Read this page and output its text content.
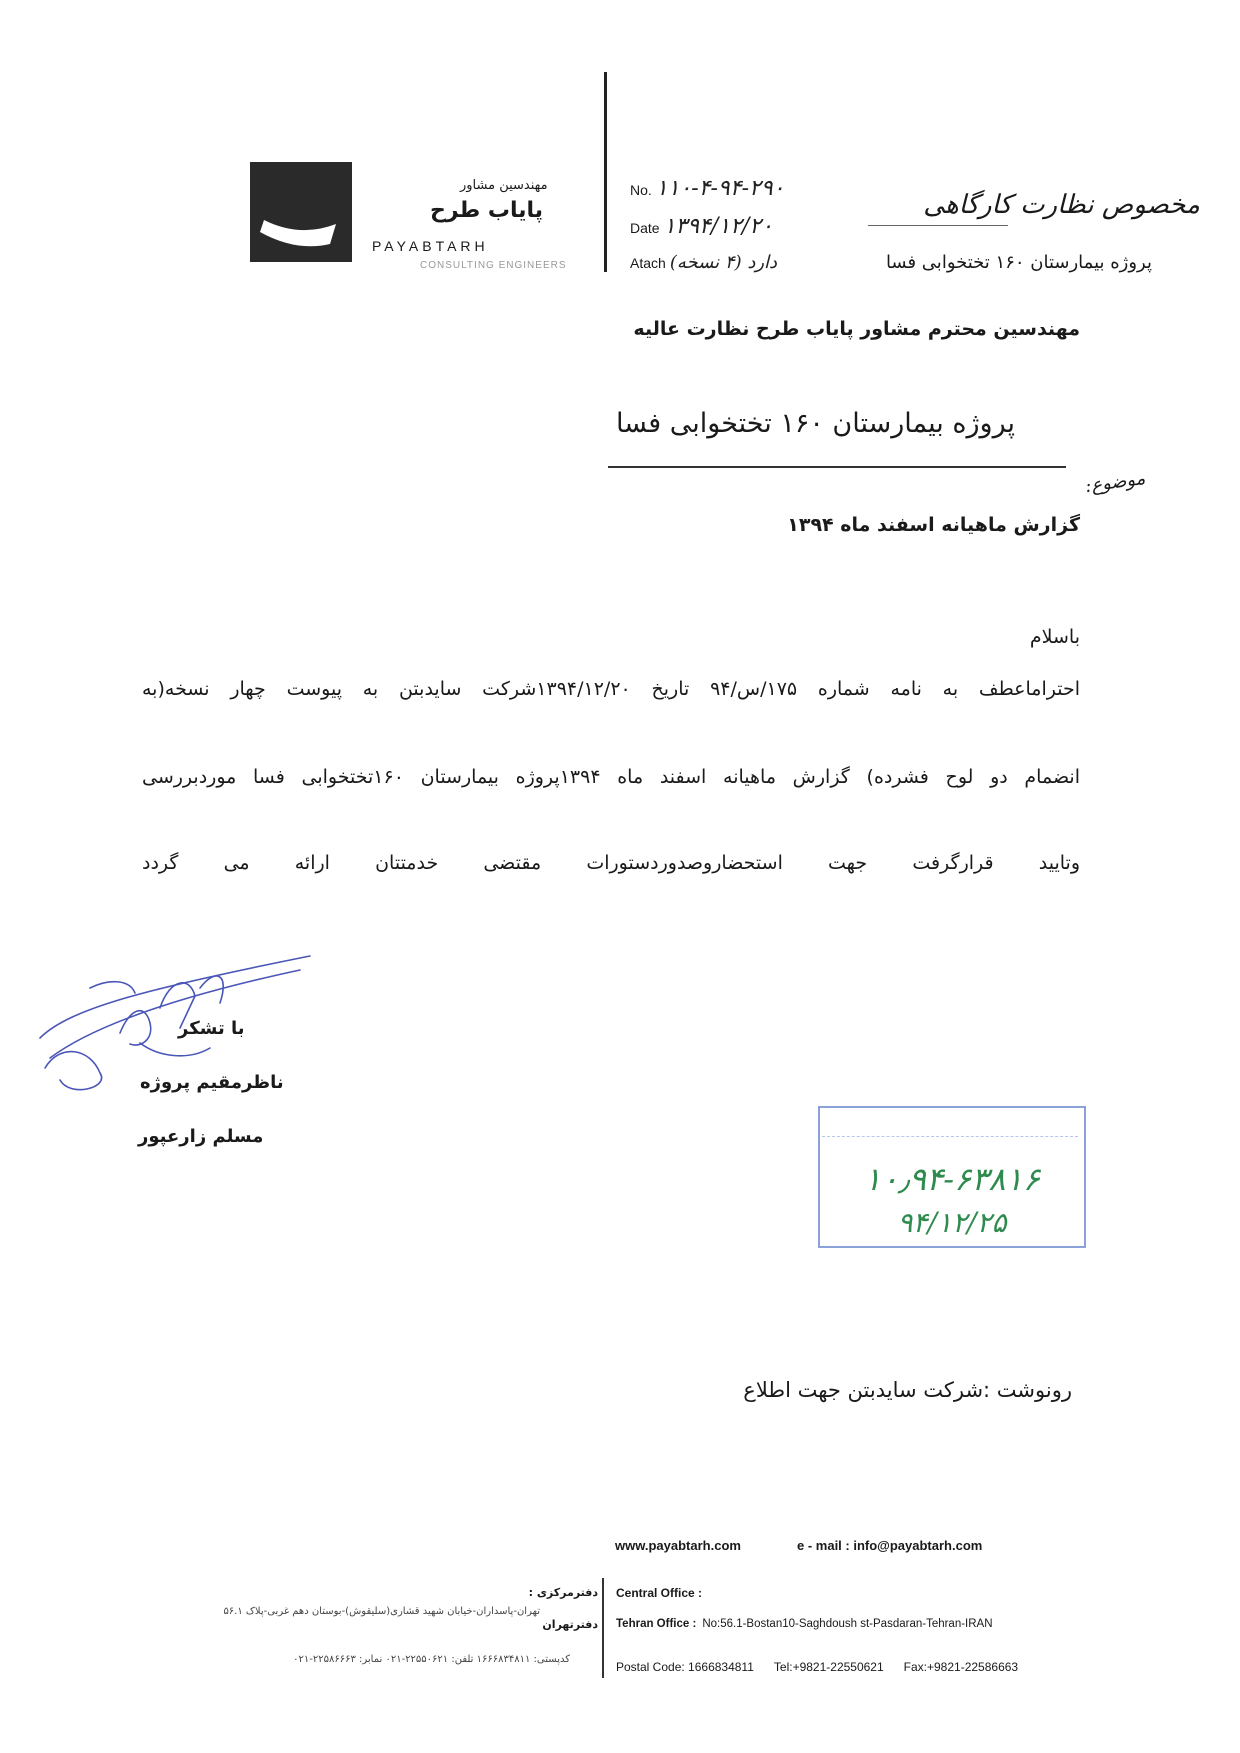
مهندسین مشاور
پایاب طرح
PAYABTARH
CONSULTING ENGINEERS
No. ۱۱۰-۴-۹۴-۲۹۰
Date ۱۳۹۴/۱۲/۲۰
Atach دارد (۴ نسخه)
مخصوص نظارت کارگاهی
پروژه بیمارستان ۱۶۰ تختخوابی فسا
مهندسین محترم مشاور پایاب طرح نظارت عالیه
پروژه بیمارستان ۱۶۰ تختخوابی فسا
موضوع:
گزارش ماهیانه اسفند ماه ۱۳۹۴
باسلام
احتراماعطف به نامه شماره ۱۷۵/س/۹۴ تاریخ ۱۳۹۴/۱۲/۲۰شرکت سایدبتن به پیوست چهار نسخه(به
انضمام دو لوح فشرده) گزارش ماهیانه اسفند ماه ۱۳۹۴پروژه بیمارستان ۱۶۰تختخوابی فسا موردبررسی
وتایید قرارگرفت جهت استحضاروصدوردستورات مقتضی خدمتتان ارائه می گردد
با تشکر
ناظرمقیم پروژه
مسلم زارعپور
۱۰٫۹۴-۶۳۸۱۶
۹۴/۱۲/۲۵
رونوشت :شرکت سایدبتن جهت اطلاع
www.payabtarh.com	e - mail : info@payabtarh.com
دفترمرکزی : Central Office :
دفترتهران
تهران-پاسداران-خیابان شهید قشاری(سلیقوش)-بوستان دهم غربی-پلاک ۵۶.۱
Tehran Office : No:56.1-Bostan10-Saghdoush st-Pasdaran-Tehran-IRAN
کدپستی: ۱۶۶۶۸۳۴۸۱۱ تلفن: ۲۲۵۵۰۶۲۱-۰۲۱ نمابر: ۲۲۵۸۶۶۶۳-۰۲۱
Postal Code: 1666834811 Tel:+9821-22550621 Fax:+9821-22586663
